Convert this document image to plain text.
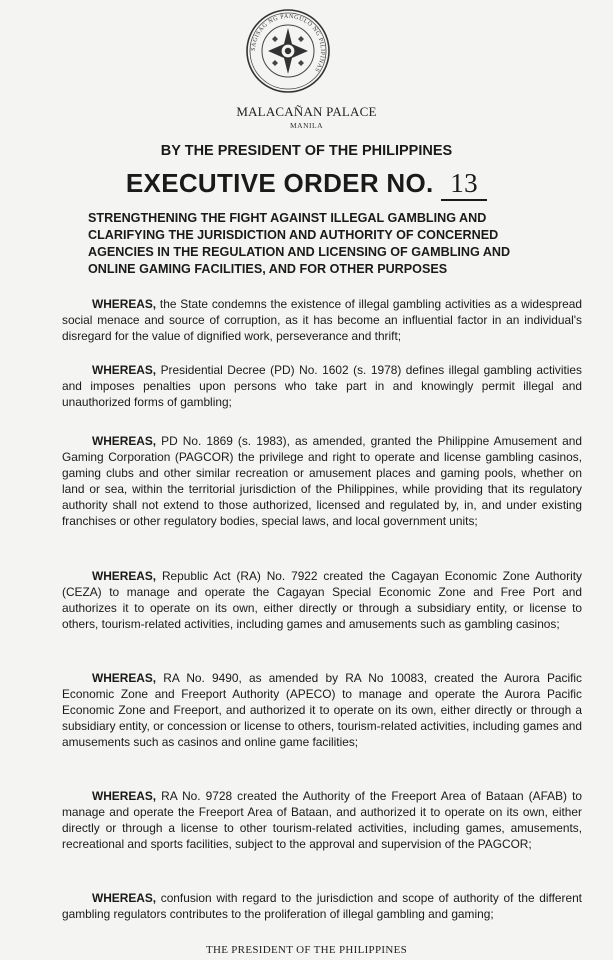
SAGISAG NG PANGULO NG PILIPINAS
MALACAÑAN PALACE
MANILA
BY THE PRESIDENT OF THE PHILIPPINES
EXECUTIVE ORDER NO. 13
STRENGTHENING THE FIGHT AGAINST ILLEGAL GAMBLING AND CLARIFYING THE JURISDICTION AND AUTHORITY OF CONCERNED AGENCIES IN THE REGULATION AND LICENSING OF GAMBLING AND ONLINE GAMING FACILITIES, AND FOR OTHER PURPOSES
WHEREAS, the State condemns the existence of illegal gambling activities as a widespread social menace and source of corruption, as it has become an influential factor in an individual's disregard for the value of dignified work, perseverance and thrift;
WHEREAS, Presidential Decree (PD) No. 1602 (s. 1978) defines illegal gambling activities and imposes penalties upon persons who take part in and knowingly permit illegal and unauthorized forms of gambling;
WHEREAS, PD No. 1869 (s. 1983), as amended, granted the Philippine Amusement and Gaming Corporation (PAGCOR) the privilege and right to operate and license gambling casinos, gaming clubs and other similar recreation or amusement places and gaming pools, whether on land or sea, within the territorial jurisdiction of the Philippines, while providing that its regulatory authority shall not extend to those authorized, licensed and regulated by, in, and under existing franchises or other regulatory bodies, special laws, and local government units;
WHEREAS, Republic Act (RA) No. 7922 created the Cagayan Economic Zone Authority (CEZA) to manage and operate the Cagayan Special Economic Zone and Free Port and authorizes it to operate on its own, either directly or through a subsidiary entity, or license to others, tourism-related activities, including games and amusements such as gambling casinos;
WHEREAS, RA No. 9490, as amended by RA No 10083, created the Aurora Pacific Economic Zone and Freeport Authority (APECO) to manage and operate the Aurora Pacific Economic Zone and Freeport, and authorized it to operate on its own, either directly or through a subsidiary entity, or concession or license to others, tourism-related activities, including games and amusements such as casinos and online game facilities;
WHEREAS, RA No. 9728 created the Authority of the Freeport Area of Bataan (AFAB) to manage and operate the Freeport Area of Bataan, and authorized it to operate on its own, either directly or through a license to other tourism-related activities, including games, amusements, recreational and sports facilities, subject to the approval and supervision of the PAGCOR;
WHEREAS, confusion with regard to the jurisdiction and scope of authority of the different gambling regulators contributes to the proliferation of illegal gambling and gaming;
THE PRESIDENT OF THE PHILIPPINES
